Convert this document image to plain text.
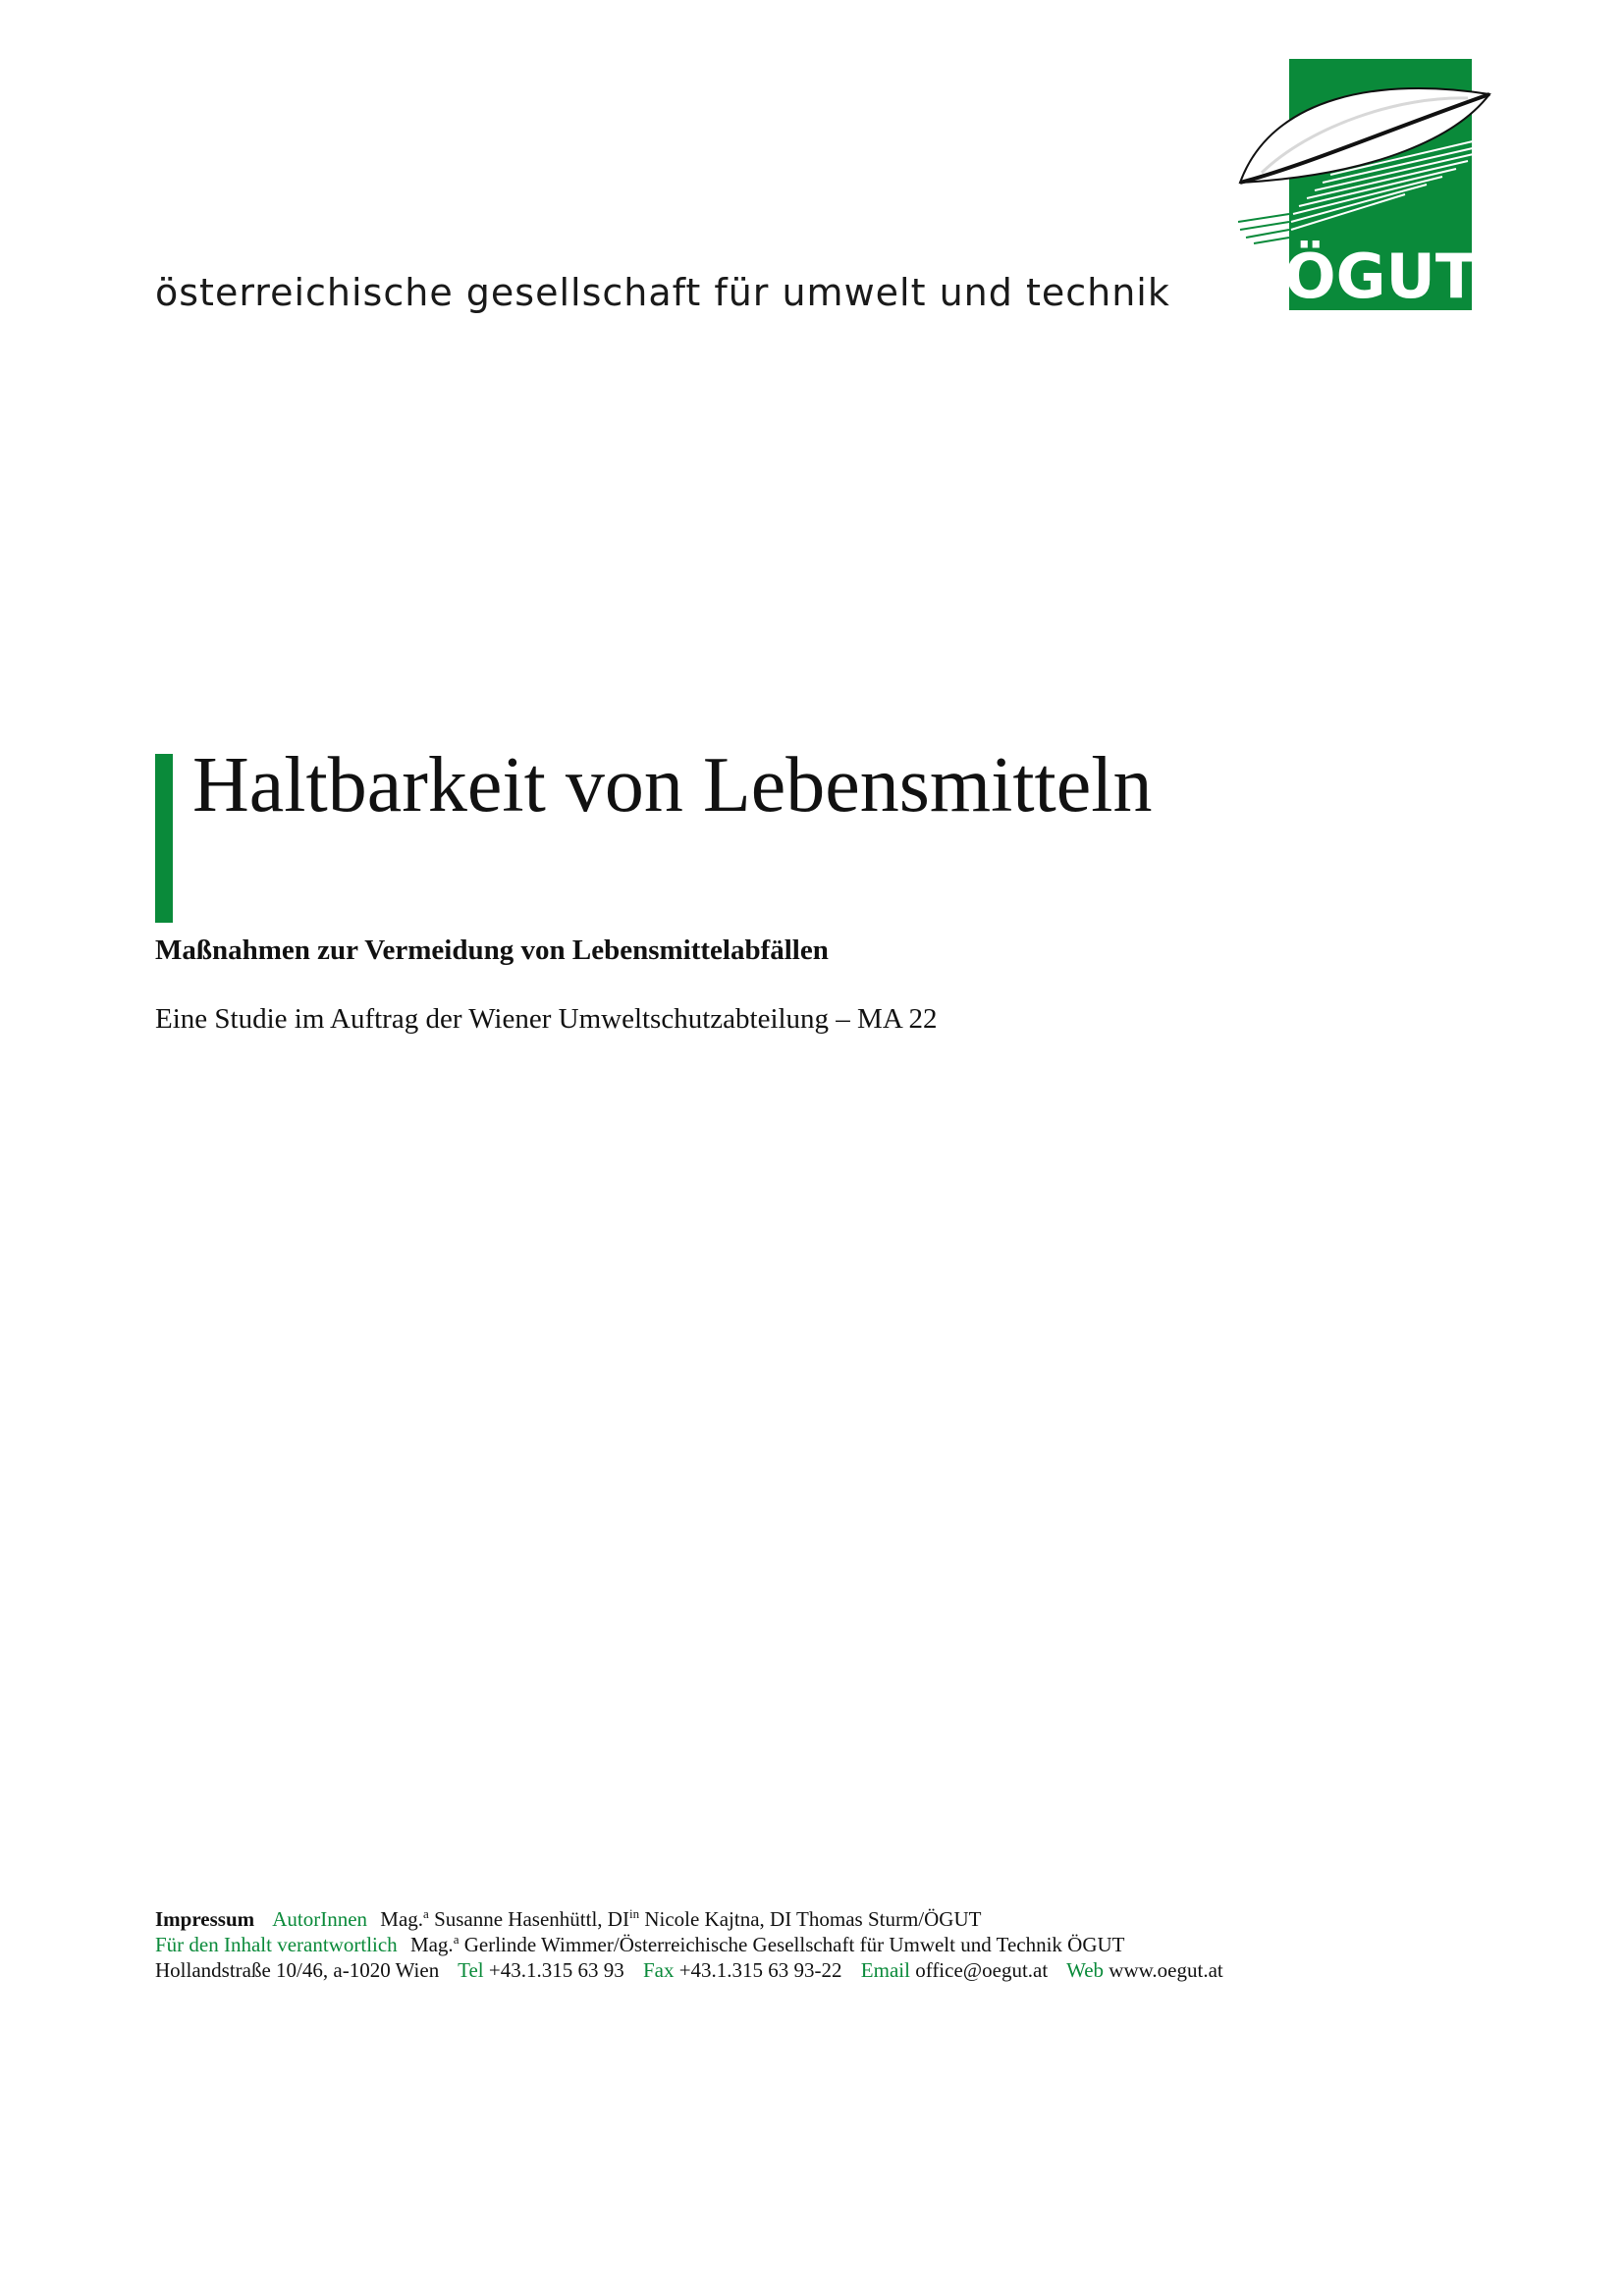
ÖGUT
österreichische gesellschaft für umwelt und technik
Haltbarkeit von Lebensmitteln
Maßnahmen zur Vermeidung von Lebensmittelabfällen
Eine Studie im Auftrag der Wiener Umweltschutzabteilung – MA 22
Impressum AutorInnen Mag.$^a$ Susanne Hasenhüttl, $DI^{in}$ Nicole Kajtna, DI Thomas Sturm/ÖGUT
Für den Inhalt verantwortlich Mag.$^a$ Gerlinde Wimmer/Österreichische Gesellschaft für Umwelt und Technik ÖGUT
Hollandstraße 10/46, a-1020 Wien Tel +43.1.315 63 93 Fax +43.1.315 63 93-22 Email office@oegut.at Web www.oegut.at
